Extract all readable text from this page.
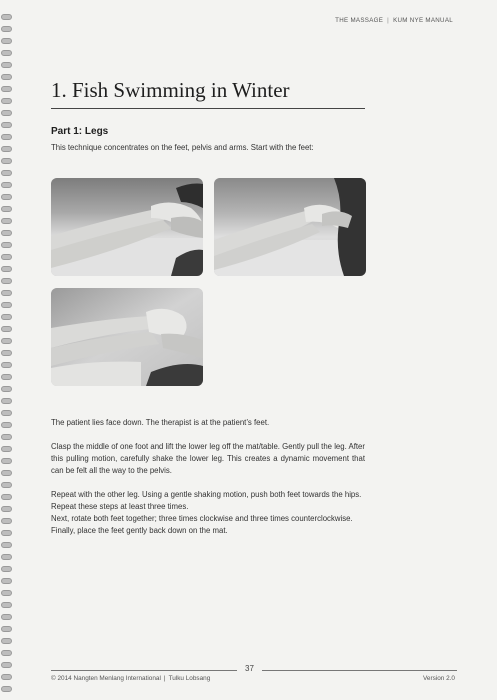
THE MASSAGE | KUM NYE MANUAL
1. Fish Swimming in Winter
Part 1: Legs
This technique concentrates on the feet, pelvis and arms. Start with the feet:

The patient lies face down. The therapist is at the patient’s feet.

Clasp the middle of one foot and lift the lower leg off the mat/table. Gently pull the leg. After this pulling motion, carefully shake the lower leg. This creates a dynamic movement that can be felt all the way to the pelvis.

Repeat with the other leg. Using a gentle shaking motion, push both feet towards the hips.

Repeat these steps at least three times.

Next, rotate both feet together; three times clockwise and three times counterclockwise.

Finally, place the feet gently back down on the mat.

37
© 2014 Nangten Menlang International | Tulku Lobsang	Version 2.0
